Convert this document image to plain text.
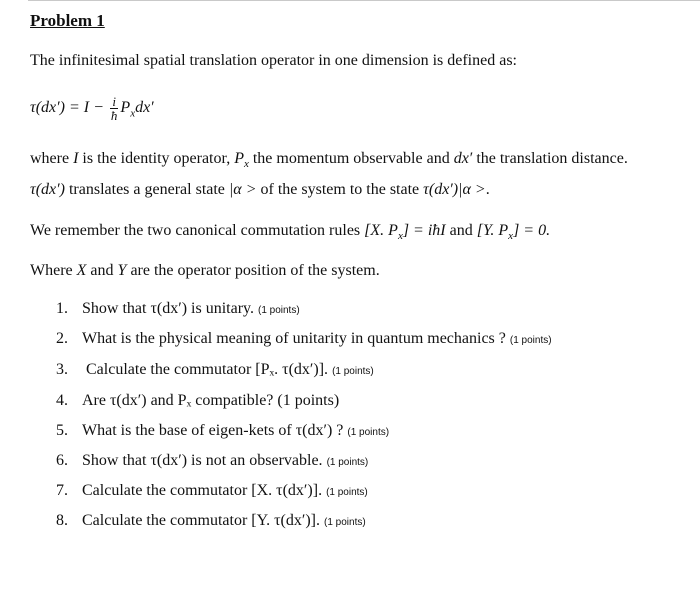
Problem 1
The infinitesimal spatial translation operator in one dimension is defined as:
$\tau(dx') = I - \frac{i}{ħ} P_xdx'$
where I is the identity operator, $P_x$ the momentum observable and dx′ the translation distance.
τ(dx′) translates a general state |α > of the system to the state τ(dx′)|α >.
We remember the two canonical commutation rules [X. $P_x$] = iħI and [Y. $P_x] = 0$.
Where X and Y are the operator position of the system.
1. Show that τ(dx′) is unitary. (1 points)
2. What is the physical meaning of unitarity in quantum mechanics ? (1 points)
3. Calculate the commutator [Pₓ. τ(dx′)]. (1 points)
4. Are τ(dx′) and Pₓ compatible? (1 points)
5. What is the base of eigen-kets of τ(dx′) ? (1 points)
6. Show that τ(dx′) is not an observable. (1 points)
7. Calculate the commutator [X. τ(dx′)]. (1 points)
8. Calculate the commutator [Y. τ(dx′)]. (1 points)
